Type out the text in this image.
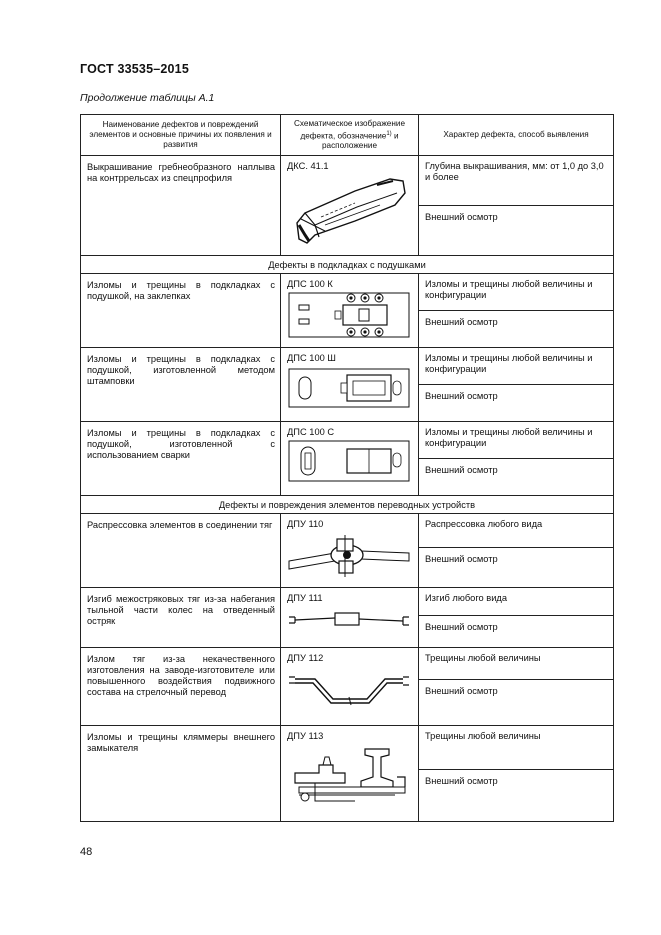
ГОСТ 33535–2015
Продолжение таблицы А.1
Наименование дефектов и повреждений элементов и основные причины их появления и развития	Схематическое изображение дефекта, обозначение$^{1)}$ и расположение	Характер дефекта, способ выявления
Выкрашивание гребнеобразного наплыва на контррельсах из спецпрофиля	ДКС. 41.1	Глубина выкрашивания, мм: от 1,0 до 3,0 и более
		Внешний осмотр
Дефекты в подкладках с подушками		
Изломы и трещины в подкладках с подушкой, на заклепках	ДПС 100 К	Изломы и трещины любой величины и конфигурации
		Внешний осмотр
Изломы и трещины в подкладках с подушкой, изготовленной методом штамповки	ДПС 100 Ш	Изломы и трещины любой величины и конфигурации
		Внешний осмотр
Изломы и трещины в подкладках с подушкой, изготовленной с использованием сварки	ДПС 100 С	Изломы и трещины любой величины и конфигурации
		Внешний осмотр
Дефекты и повреждения элементов переводных устройств		
Распрессовка элементов в соединении тяг	ДПУ 110	Распрессовка любого вида
		Внешний осмотр
Изгиб межостряковых тяг из-за набегания тыльной части колес на отведенный остряк	ДПУ 111	Изгиб любого вида
		Внешний осмотр
Излом тяг из-за некачественного изготовления на заводе-изготовителе или повышенного воздействия подвижного состава на стрелочный перевод	ДПУ 112	Трещины любой величины
		Внешний осмотр
Изломы и трещины кляммеры внешнего замыкателя	ДПУ 113	Трещины любой величины
		Внешний осмотр
48
